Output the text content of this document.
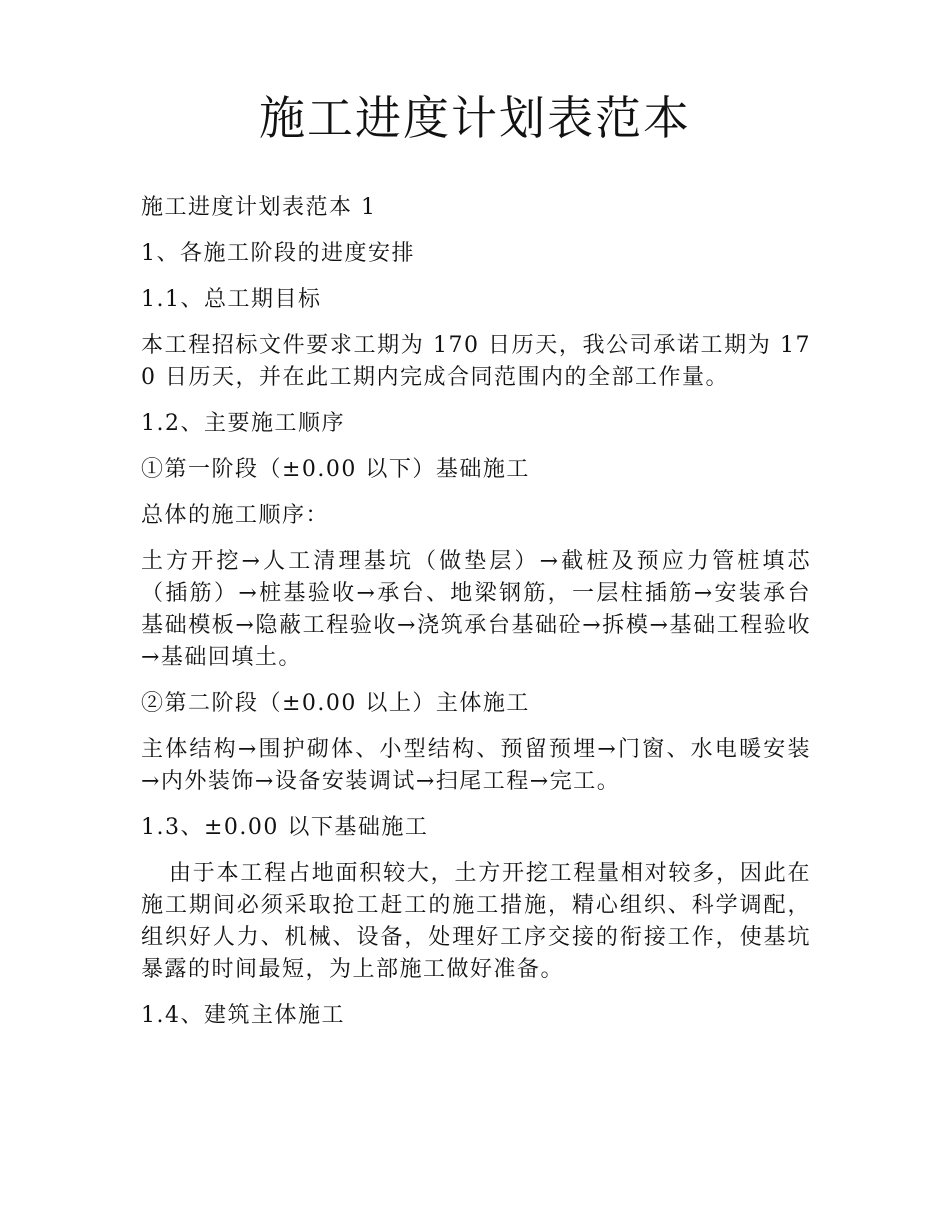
施工进度计划表范本

施工进度计划表范本 1

1、各施工阶段的进度安排

1.1、总工期目标

本工程招标文件要求工期为 170 日历天，我公司承诺工期为 170 日历天，并在此工期内完成合同范围内的全部工作量。

1.2、主要施工顺序

①第一阶段（±0.00 以下）基础施工

总体的施工顺序：

土方开挖→人工清理基坑（做垫层）→截桩及预应力管桩填芯（插筋）→桩基验收→承台、地梁钢筋，一层柱插筋→安装承台基础模板→隐蔽工程验收→浇筑承台基础砼→拆模→基础工程验收→基础回填土。

②第二阶段（±0.00 以上）主体施工

主体结构→围护砌体、小型结构、预留预埋→门窗、水电暖安装→内外装饰→设备安装调试→扫尾工程→完工。

1.3、±0.00 以下基础施工

由于本工程占地面积较大，土方开挖工程量相对较多，因此在施工期间必须采取抢工赶工的施工措施，精心组织、科学调配，组织好人力、机械、设备，处理好工序交接的衔接工作，使基坑暴露的时间最短，为上部施工做好准备。

1.4、建筑主体施工
